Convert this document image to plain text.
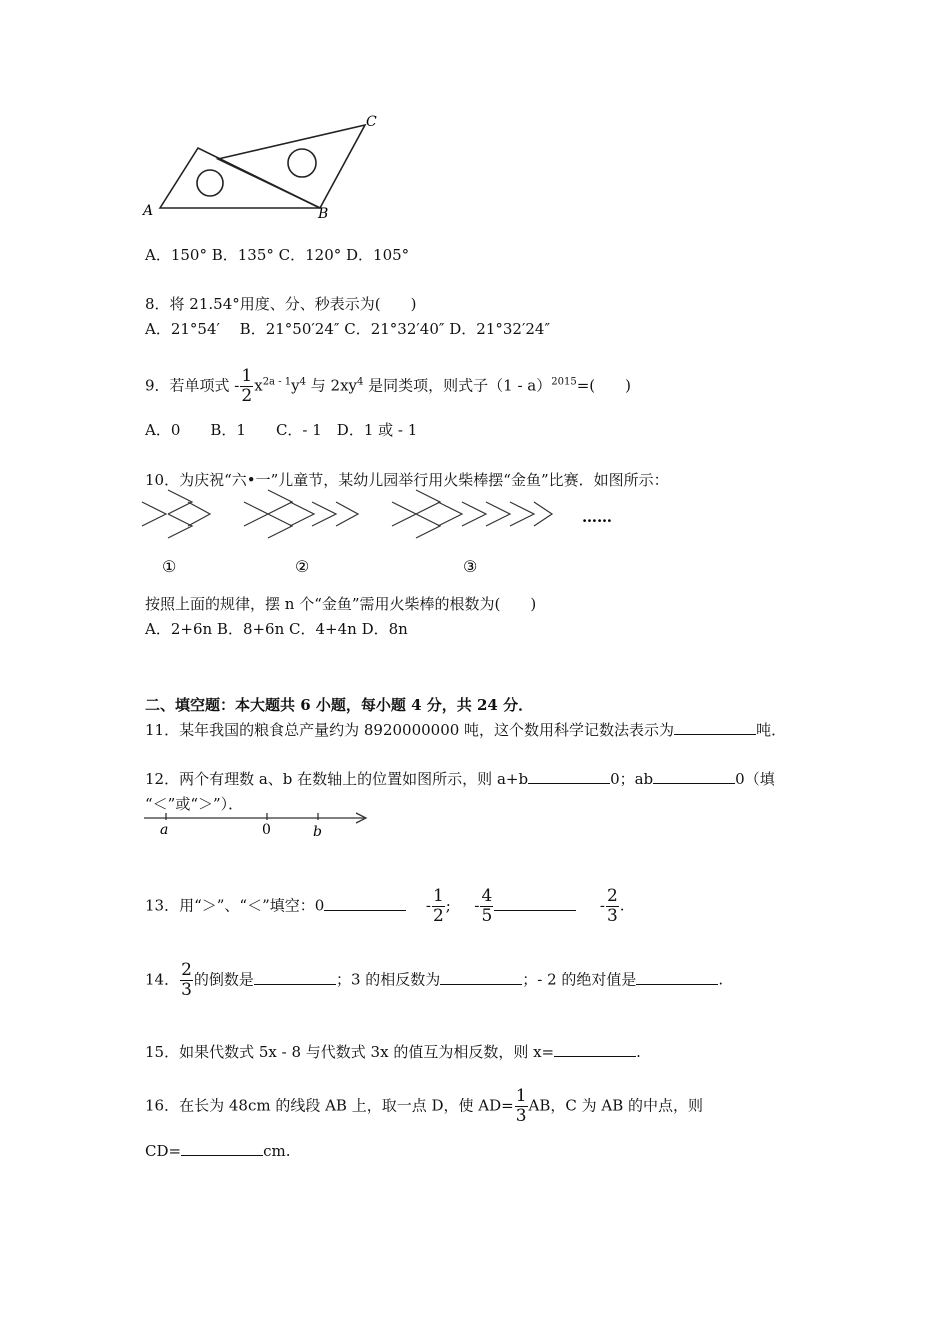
A	B
C
A．150° B．135° C．120° D．105°
8．将 21.54°用度、分、秒表示为(　　)
A．21°54′　 B．21°50′24″ C．21°32′40″ D．21°32′24″
9．若单项式 - $\frac{1}{2} x^{2a - 1}y^4$ 与 $2xy^4$ 是同类项，则式子（1 - a）$^{2015}$=(　　)
A．0　　B．1　　C．- 1　D．1 或 - 1
10．为庆祝“六•一”儿童节，某幼儿园举行用火柴棒摆“金鱼”比赛．如图所示：
①	②	③
……
按照上面的规律，摆 n 个“金鱼”需用火柴棒的根数为(　　)
A．2+6n B．8+6n C．4+4n D．8n
二、填空题：本大题共 6 小题，每小题 4 分，共 24 分．
11．某年我国的粮食总产量约为 8920000000 吨，这个数用科学记数法表示为	吨．
12．两个有理数 a、b 在数轴上的位置如图所示，则 a+b	0；ab	0（填
“＜”或“＞”）．
a	0	b
13．用“＞”、“＜”填空：0	- $\frac{1}{2}$ ; - $\frac{4}{5}$	- $\frac{2}{3}$ .
14． $\frac{2}{3}$ 的倒数是	；3 的相反数为	；- 2 的绝对值是	.
15．如果代数式 5x - 8 与代数式 3x 的值互为相反数，则 x=	.
16．在长为 48cm 的线段 AB 上，取一点 D，使 $AD= \frac{1}{3}$ AB，C 为 AB 的中点，则
CD=	cm.
